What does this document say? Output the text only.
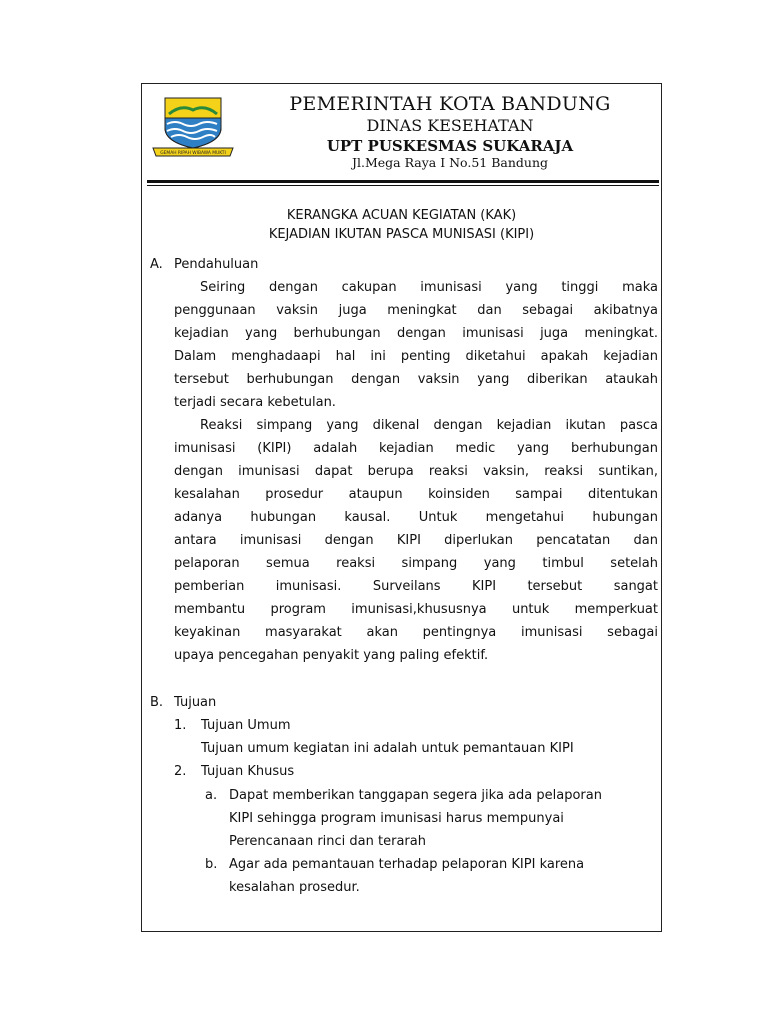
GEMAH RIPAH WIBAWA MUKTI
PEMERINTAH KOTA BANDUNG
DINAS KESEHATAN
UPT PUSKESMAS SUKARAJA
Jl.Mega Raya I No.51 Bandung
KERANGKA ACUAN KEGIATAN (KAK)
KEJADIAN IKUTAN PASCA MUNISASI (KIPI)
A. Pendahuluan
Seiring dengan cakupan imunisasi yang tinggi maka
penggunaan vaksin juga meningkat dan sebagai akibatnya
kejadian yang berhubungan dengan imunisasi juga meningkat.
Dalam menghadaapi hal ini penting diketahui apakah kejadian
tersebut berhubungan dengan vaksin yang diberikan ataukah
terjadi secara kebetulan.
Reaksi simpang yang dikenal dengan kejadian ikutan pasca
imunisasi (KIPI) adalah kejadian medic yang berhubungan
dengan imunisasi dapat berupa reaksi vaksin, reaksi suntikan,
kesalahan prosedur ataupun koinsiden sampai ditentukan
adanya hubungan kausal. Untuk mengetahui hubungan
antara imunisasi dengan KIPI diperlukan pencatatan dan
pelaporan semua reaksi simpang yang timbul setelah
pemberian imunisasi. Surveilans KIPI tersebut sangat
membantu program imunisasi,khususnya untuk memperkuat
keyakinan masyarakat akan pentingnya imunisasi sebagai
upaya pencegahan penyakit yang paling efektif.
B. Tujuan
1. Tujuan Umum
Tujuan umum kegiatan ini adalah untuk pemantauan KIPI
2. Tujuan Khusus
a. Dapat memberikan tanggapan segera jika ada pelaporan
KIPI sehingga program imunisasi harus mempunyai
Perencanaan rinci dan terarah
b. Agar ada pemantauan terhadap pelaporan KIPI karena
kesalahan prosedur.
